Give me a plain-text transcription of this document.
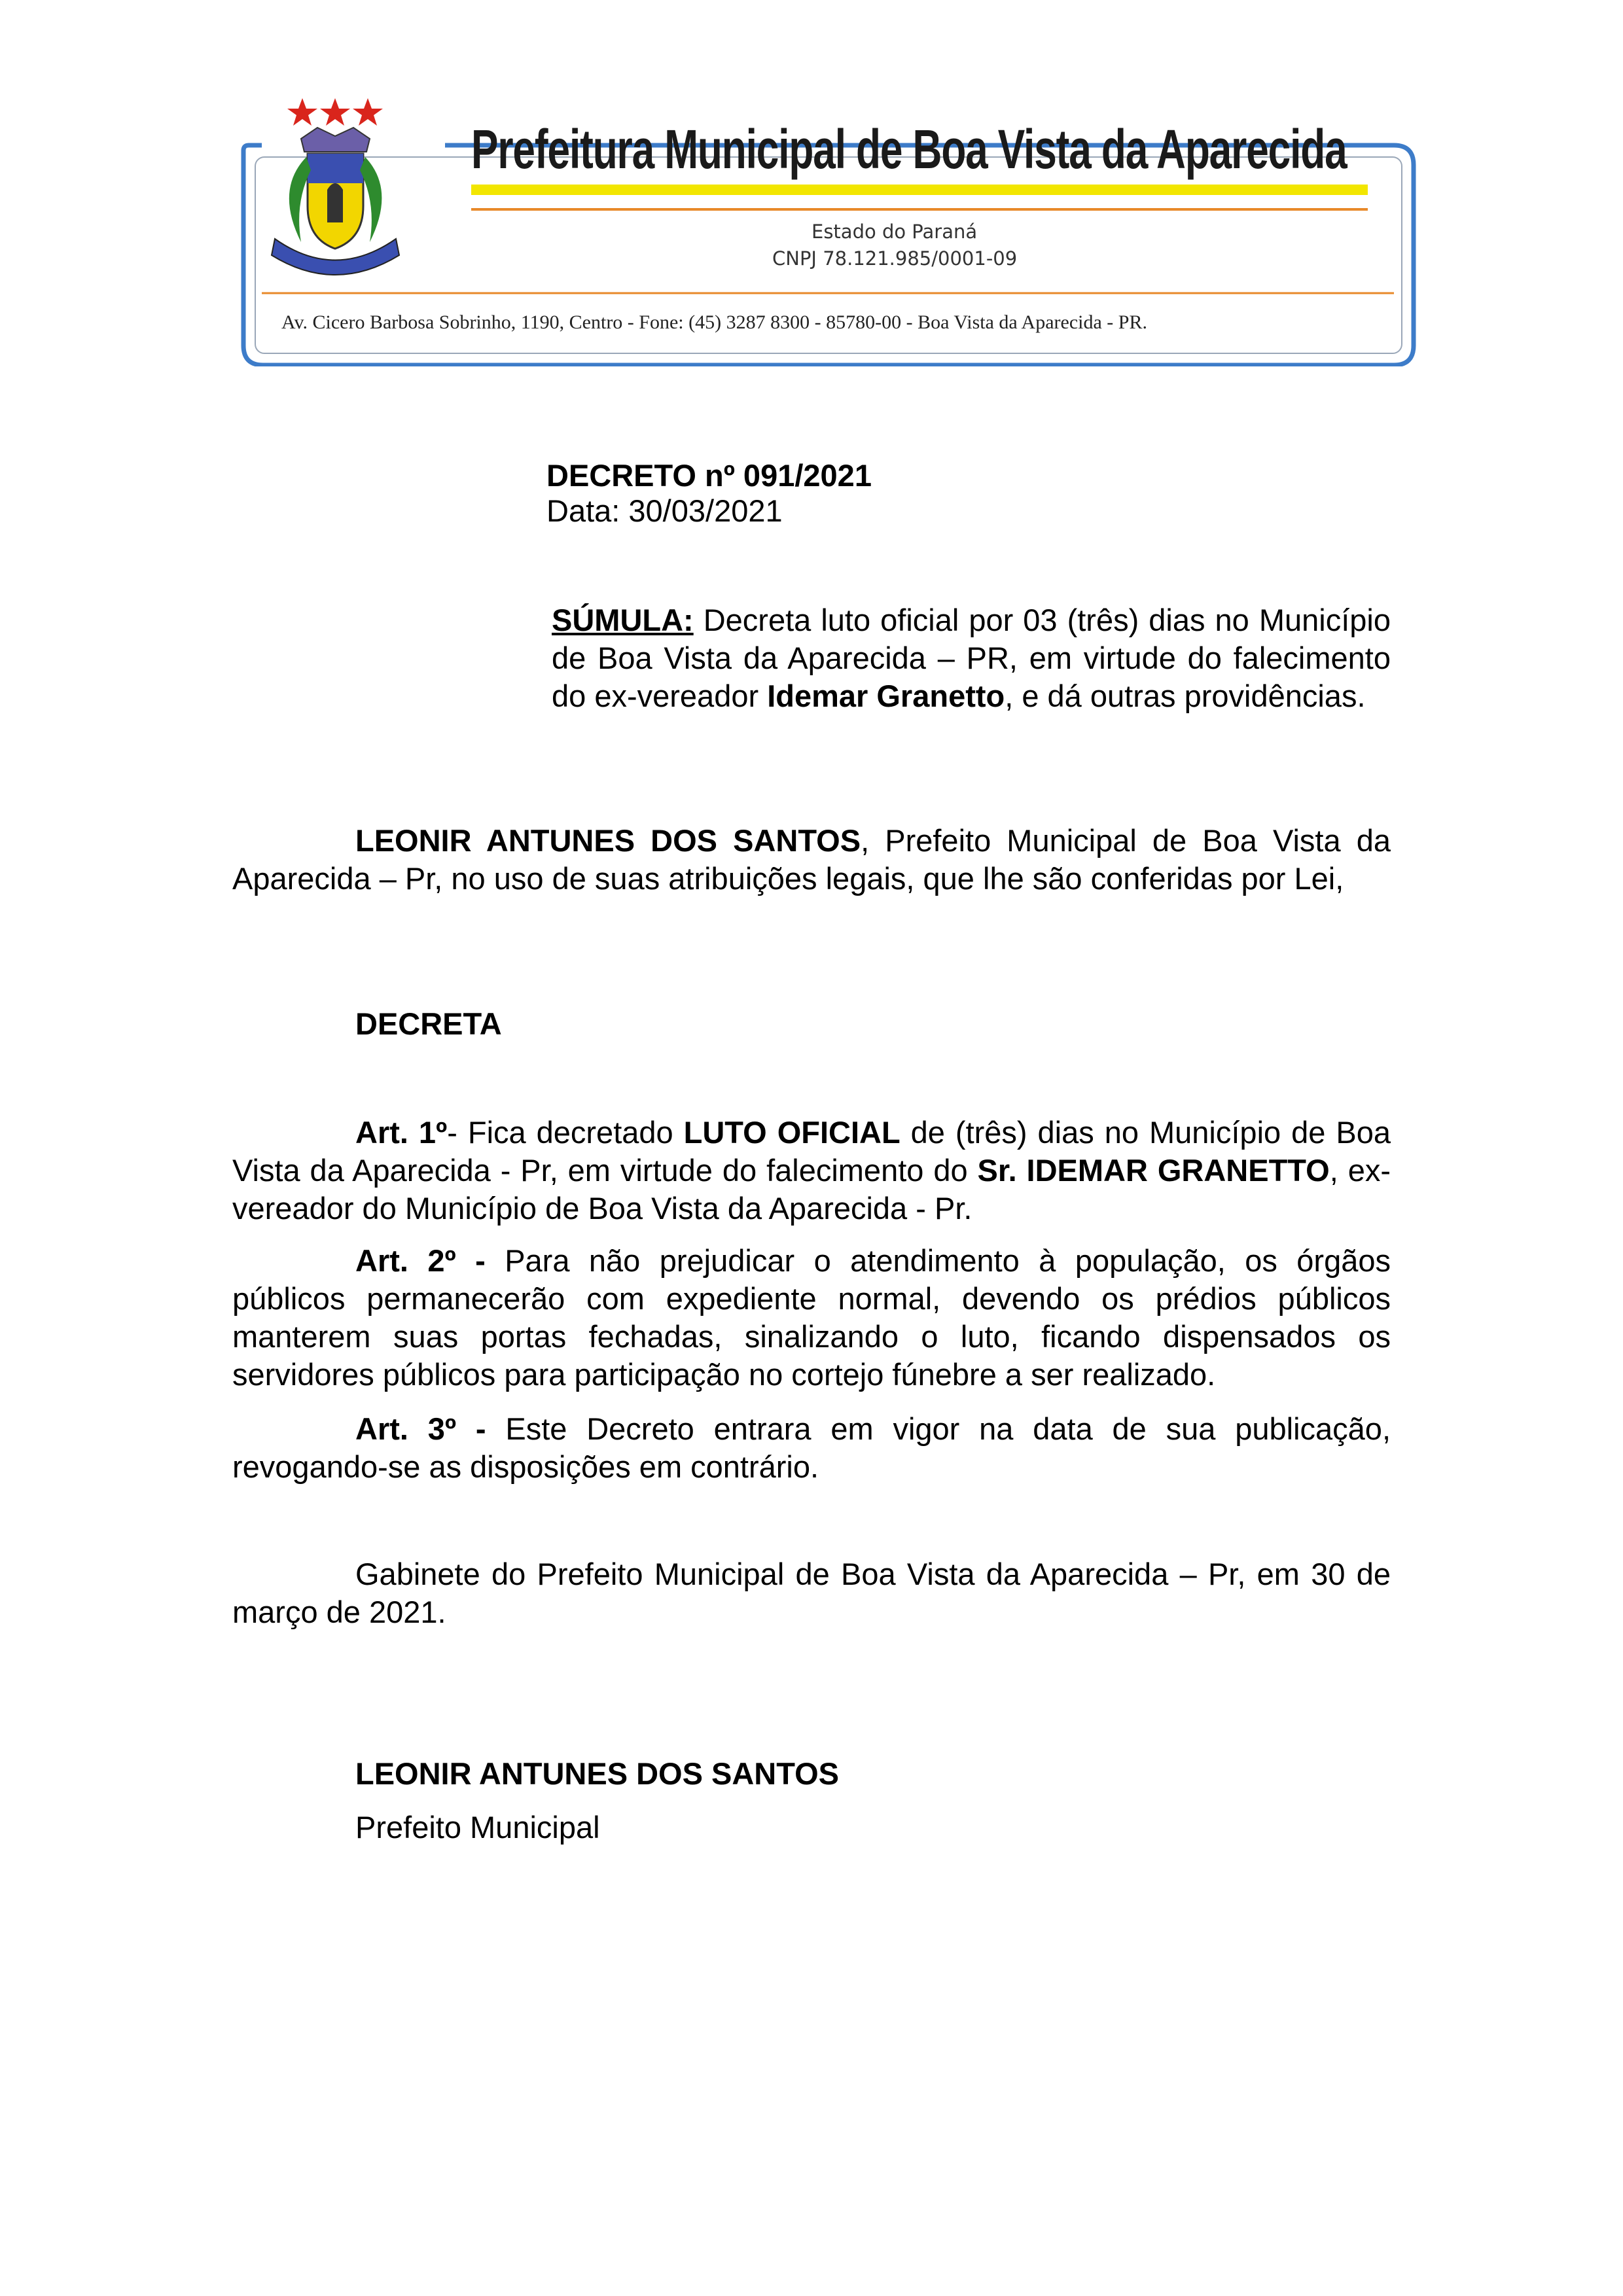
Prefeitura Municipal de Boa Vista da Aparecida
Estado do Paraná
CNPJ 78.121.985/0001-09
Av. Cicero Barbosa Sobrinho, 1190, Centro - Fone: (45) 3287 8300 - 85780-00 - Boa Vista da Aparecida - PR.
DECRETO nº 091/2021
Data: 30/03/2021
SÚMULA: Decreta luto oficial por 03 (três) dias no Município de Boa Vista da Aparecida – PR, em virtude do falecimento do ex-vereador Idemar Granetto, e dá outras providências.
LEONIR ANTUNES DOS SANTOS, Prefeito Municipal de Boa Vista da Aparecida – Pr, no uso de suas atribuições legais, que lhe são conferidas por Lei,
DECRETA
Art. 1º- Fica decretado LUTO OFICIAL de (três) dias no Município de Boa Vista da Aparecida - Pr, em virtude do falecimento do Sr. IDEMAR GRANETTO, ex-vereador do Município de Boa Vista da Aparecida - Pr.
Art. 2º - Para não prejudicar o atendimento à população, os órgãos públicos permanecerão com expediente normal, devendo os prédios públicos manterem suas portas fechadas, sinalizando o luto, ficando dispensados os servidores públicos para participação no cortejo fúnebre a ser realizado.
Art. 3º - Este Decreto entrara em vigor na data de sua publicação, revogando-se as disposições em contrário.
Gabinete do Prefeito Municipal de Boa Vista da Aparecida – Pr, em 30 de março de 2021.
LEONIR ANTUNES DOS SANTOS
Prefeito Municipal
